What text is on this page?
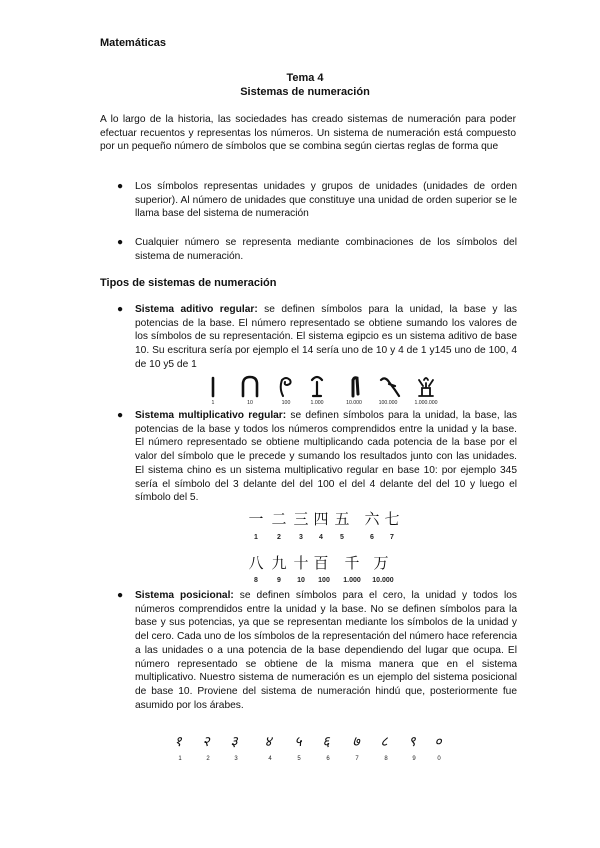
Matemáticas
Tema 4
Sistemas de numeración

A lo largo de la historia, las sociedades has creado sistemas de numeración para poder efectuar recuentos y representas los números. Un sistema de numeración está compuesto por un pequeño número de símbolos que se combina según ciertas reglas de forma que

● Los símbolos representas unidades y grupos de unidades (unidades de orden superior). Al número de unidades que constituye una unidad de orden superior se le llama base del sistema de numeración
● Cualquier número se representa mediante combinaciones de los símbolos del sistema de numeración.
Tipos de sistemas de numeración
● Sistema aditivo regular: se definen símbolos para la unidad, la base y las potencias de la base. El número representado se obtiene sumando los valores de los símbolos de su representación. El sistema egipcio es un sistema aditivo de base 10. Su escritura sería por ejemplo el 14 sería uno de 10 y 4 de 1 y145 uno de 100, 4 de 10 y5 de 1
1	10	100	1.000	10.000	100.000	1.000.000
● Sistema multiplicativo regular: se definen símbolos para la unidad, la base, las potencias de la base y todos los números comprendidos entre la unidad y la base. El número representado se obtiene multiplicando cada potencia de la base por el valor del símbolo que le precede y sumando los resultados junto con las unidades. El sistema chino es un sistema multiplicativo regular en base 10: por ejemplo 345 sería el símbolo del 3 delante del del 100 el del 4 delante del del 10 y luego el símbolo del 5.
一 二 三 四 五 六 七
八 九 十 百 千 万
1	2	3 4 5	6 7
8	9 10 100 1.000 10.000
● Sistema posicional: se definen símbolos para el cero, la unidad y todos los números comprendidos entre la unidad y la base. No se definen símbolos para la base y sus potencias, ya que se representan mediante los símbolos de la unidad y del cero. Cada uno de los símbolos de la representación del número hace referencia a las unidades o a una potencia de la base dependiendo del lugar que ocupa. El número representado se obtiene de la misma manera que en el sistema multiplicativo. Nuestro sistema de numeración es un ejemplo del sistema posicional de base 10. Proviene del sistema de numeración hindú que, posteriormente fue asumido por los árabes.
१ २ ३ ४ ५ ६ ७ ८ ९ ०
1	2	3	4	5	6	7	8	9	0
